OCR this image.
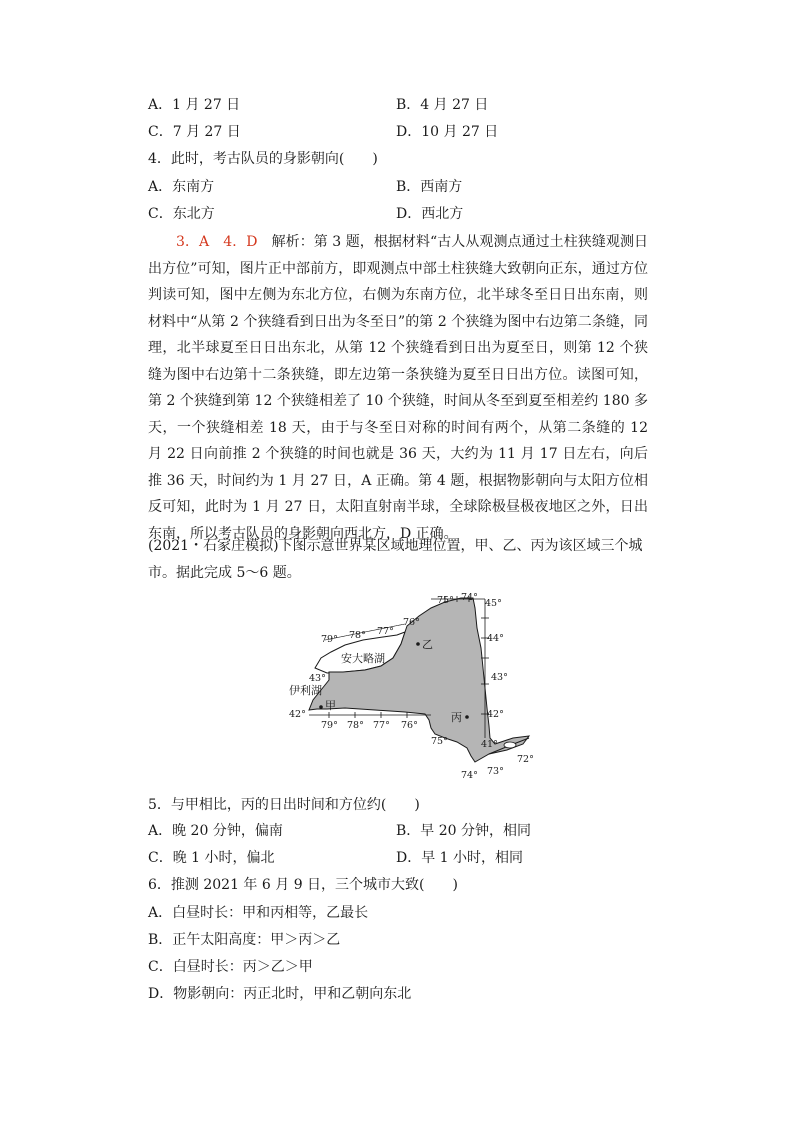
A．1 月 27 日	B．4 月 27 日
C．7 月 27 日	D．10 月 27 日
4．此时，考古队员的身影朝向(　　)
A．东南方	B．西南方
C．东北方	D．西北方
3．A　4．D　 解析：第 3 题，根据材料“古人从观测点通过土柱狭缝观测日出方位”可知，图片正中部前方，即观测点中部土柱狭缝大致朝向正东，通过方位判读可知，图中左侧为东北方位，右侧为东南方位，北半球冬至日日出东南，则材料中“从第 2 个狭缝看到日出为冬至日”的第 2 个狭缝为图中右边第二条缝，同理，北半球夏至日日出东北，从第 12 个狭缝看到日出为夏至日，则第 12 个狭缝为图中右边第十二条狭缝，即左边第一条狭缝为夏至日日出方位。读图可知，第 2 个狭缝到第 12 个狭缝相差了 10 个狭缝，时间从冬至到夏至相差约 180 多天，一个狭缝相差 18 天，由于与冬至日对称的时间有两个，从第二条缝的 12 月 22 日向前推 2 个狭缝的时间也就是 36 天，大约为 11 月 17 日左右，向后推 36 天，时间约为 1 月 27 日，A 正确。第 4 题，根据物影朝向与太阳方位相反可知，此时为 1 月 27 日，太阳直射南半球，全球除极昼极夜地区之外，日出东南，所以考古队员的身影朝向西北方，D 正确。
(2021・石家庄模拟)下图示意世界某区域地理位置，甲、乙、丙为该区域三个城市。据此完成 5～6 题。
75° 74°
45°
79° 78° 77°
76°
44°
43°
42°
41°
43°
42°
79° 78° 77° 76°
75°
74° 73°
72°
安大略湖
伊利湖
甲
乙
丙
5．与甲相比，丙的日出时间和方位约(　　)
A．晚 20 分钟，偏南	B．早 20 分钟，相同
C．晚 1 小时，偏北	D．早 1 小时，相同
6．推测 2021 年 6 月 9 日，三个城市大致(　　)
A．白昼时长：甲和丙相等，乙最长
B．正午太阳高度：甲＞丙＞乙
C．白昼时长：丙＞乙＞甲
D．物影朝向：丙正北时，甲和乙朝向东北
